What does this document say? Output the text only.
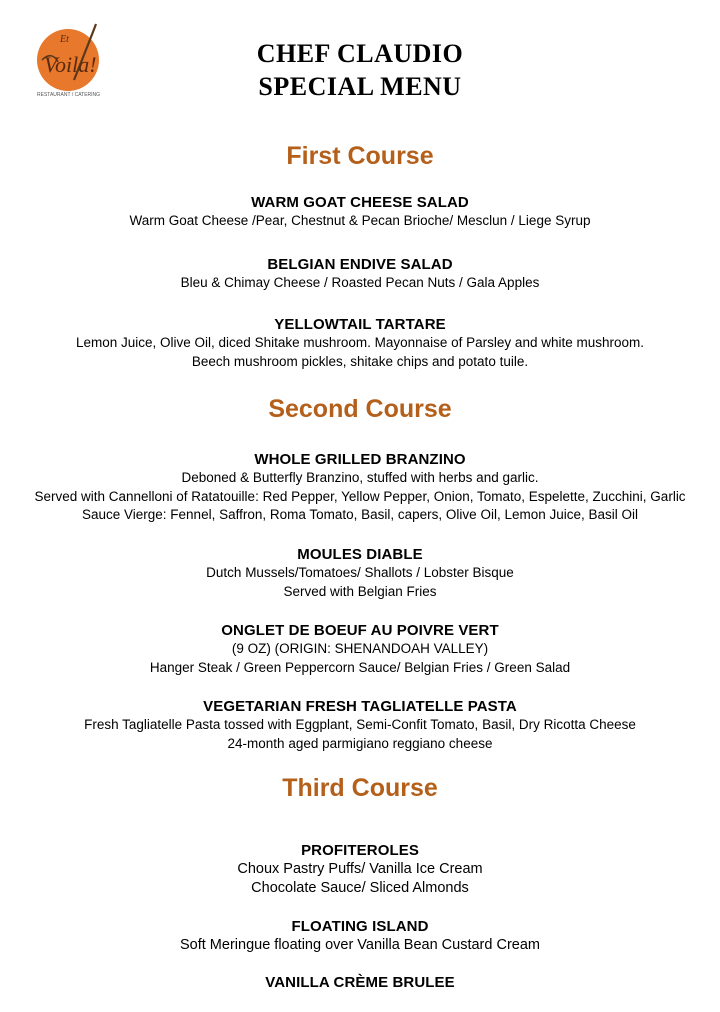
Voila!
Et
RESTAURANT / CATERING
CHEF CLAUDIO
SPECIAL MENU
First Course
WARM GOAT CHEESE SALAD
Warm Goat Cheese /Pear, Chestnut & Pecan Brioche/ Mesclun / Liege Syrup
BELGIAN ENDIVE SALAD
Bleu & Chimay Cheese / Roasted Pecan Nuts / Gala Apples
YELLOWTAIL TARTARE
Lemon Juice, Olive Oil, diced Shitake mushroom. Mayonnaise of Parsley and white mushroom.
Beech mushroom pickles, shitake chips and potato tuile.
Second Course
WHOLE GRILLED BRANZINO
Deboned & Butterfly Branzino, stuffed with herbs and garlic.
Served with Cannelloni of Ratatouille: Red Pepper, Yellow Pepper, Onion, Tomato, Espelette, Zucchini, Garlic
Sauce Vierge: Fennel, Saffron, Roma Tomato, Basil, capers, Olive Oil, Lemon Juice, Basil Oil
MOULES DIABLE
Dutch Mussels/Tomatoes/ Shallots / Lobster Bisque
Served with Belgian Fries
ONGLET DE BOEUF AU POIVRE VERT
(9 OZ) (ORIGIN: SHENANDOAH VALLEY)
Hanger Steak / Green Peppercorn Sauce/ Belgian Fries / Green Salad
VEGETARIAN FRESH TAGLIATELLE PASTA
Fresh Tagliatelle Pasta tossed with Eggplant, Semi-Confit Tomato, Basil, Dry Ricotta Cheese
24-month aged parmigiano reggiano cheese
Third Course
PROFITEROLES
Choux Pastry Puffs/ Vanilla Ice Cream
Chocolate Sauce/ Sliced Almonds
FLOATING ISLAND
Soft Meringue floating over Vanilla Bean Custard Cream
VANILLA CRÈME BRULEE
